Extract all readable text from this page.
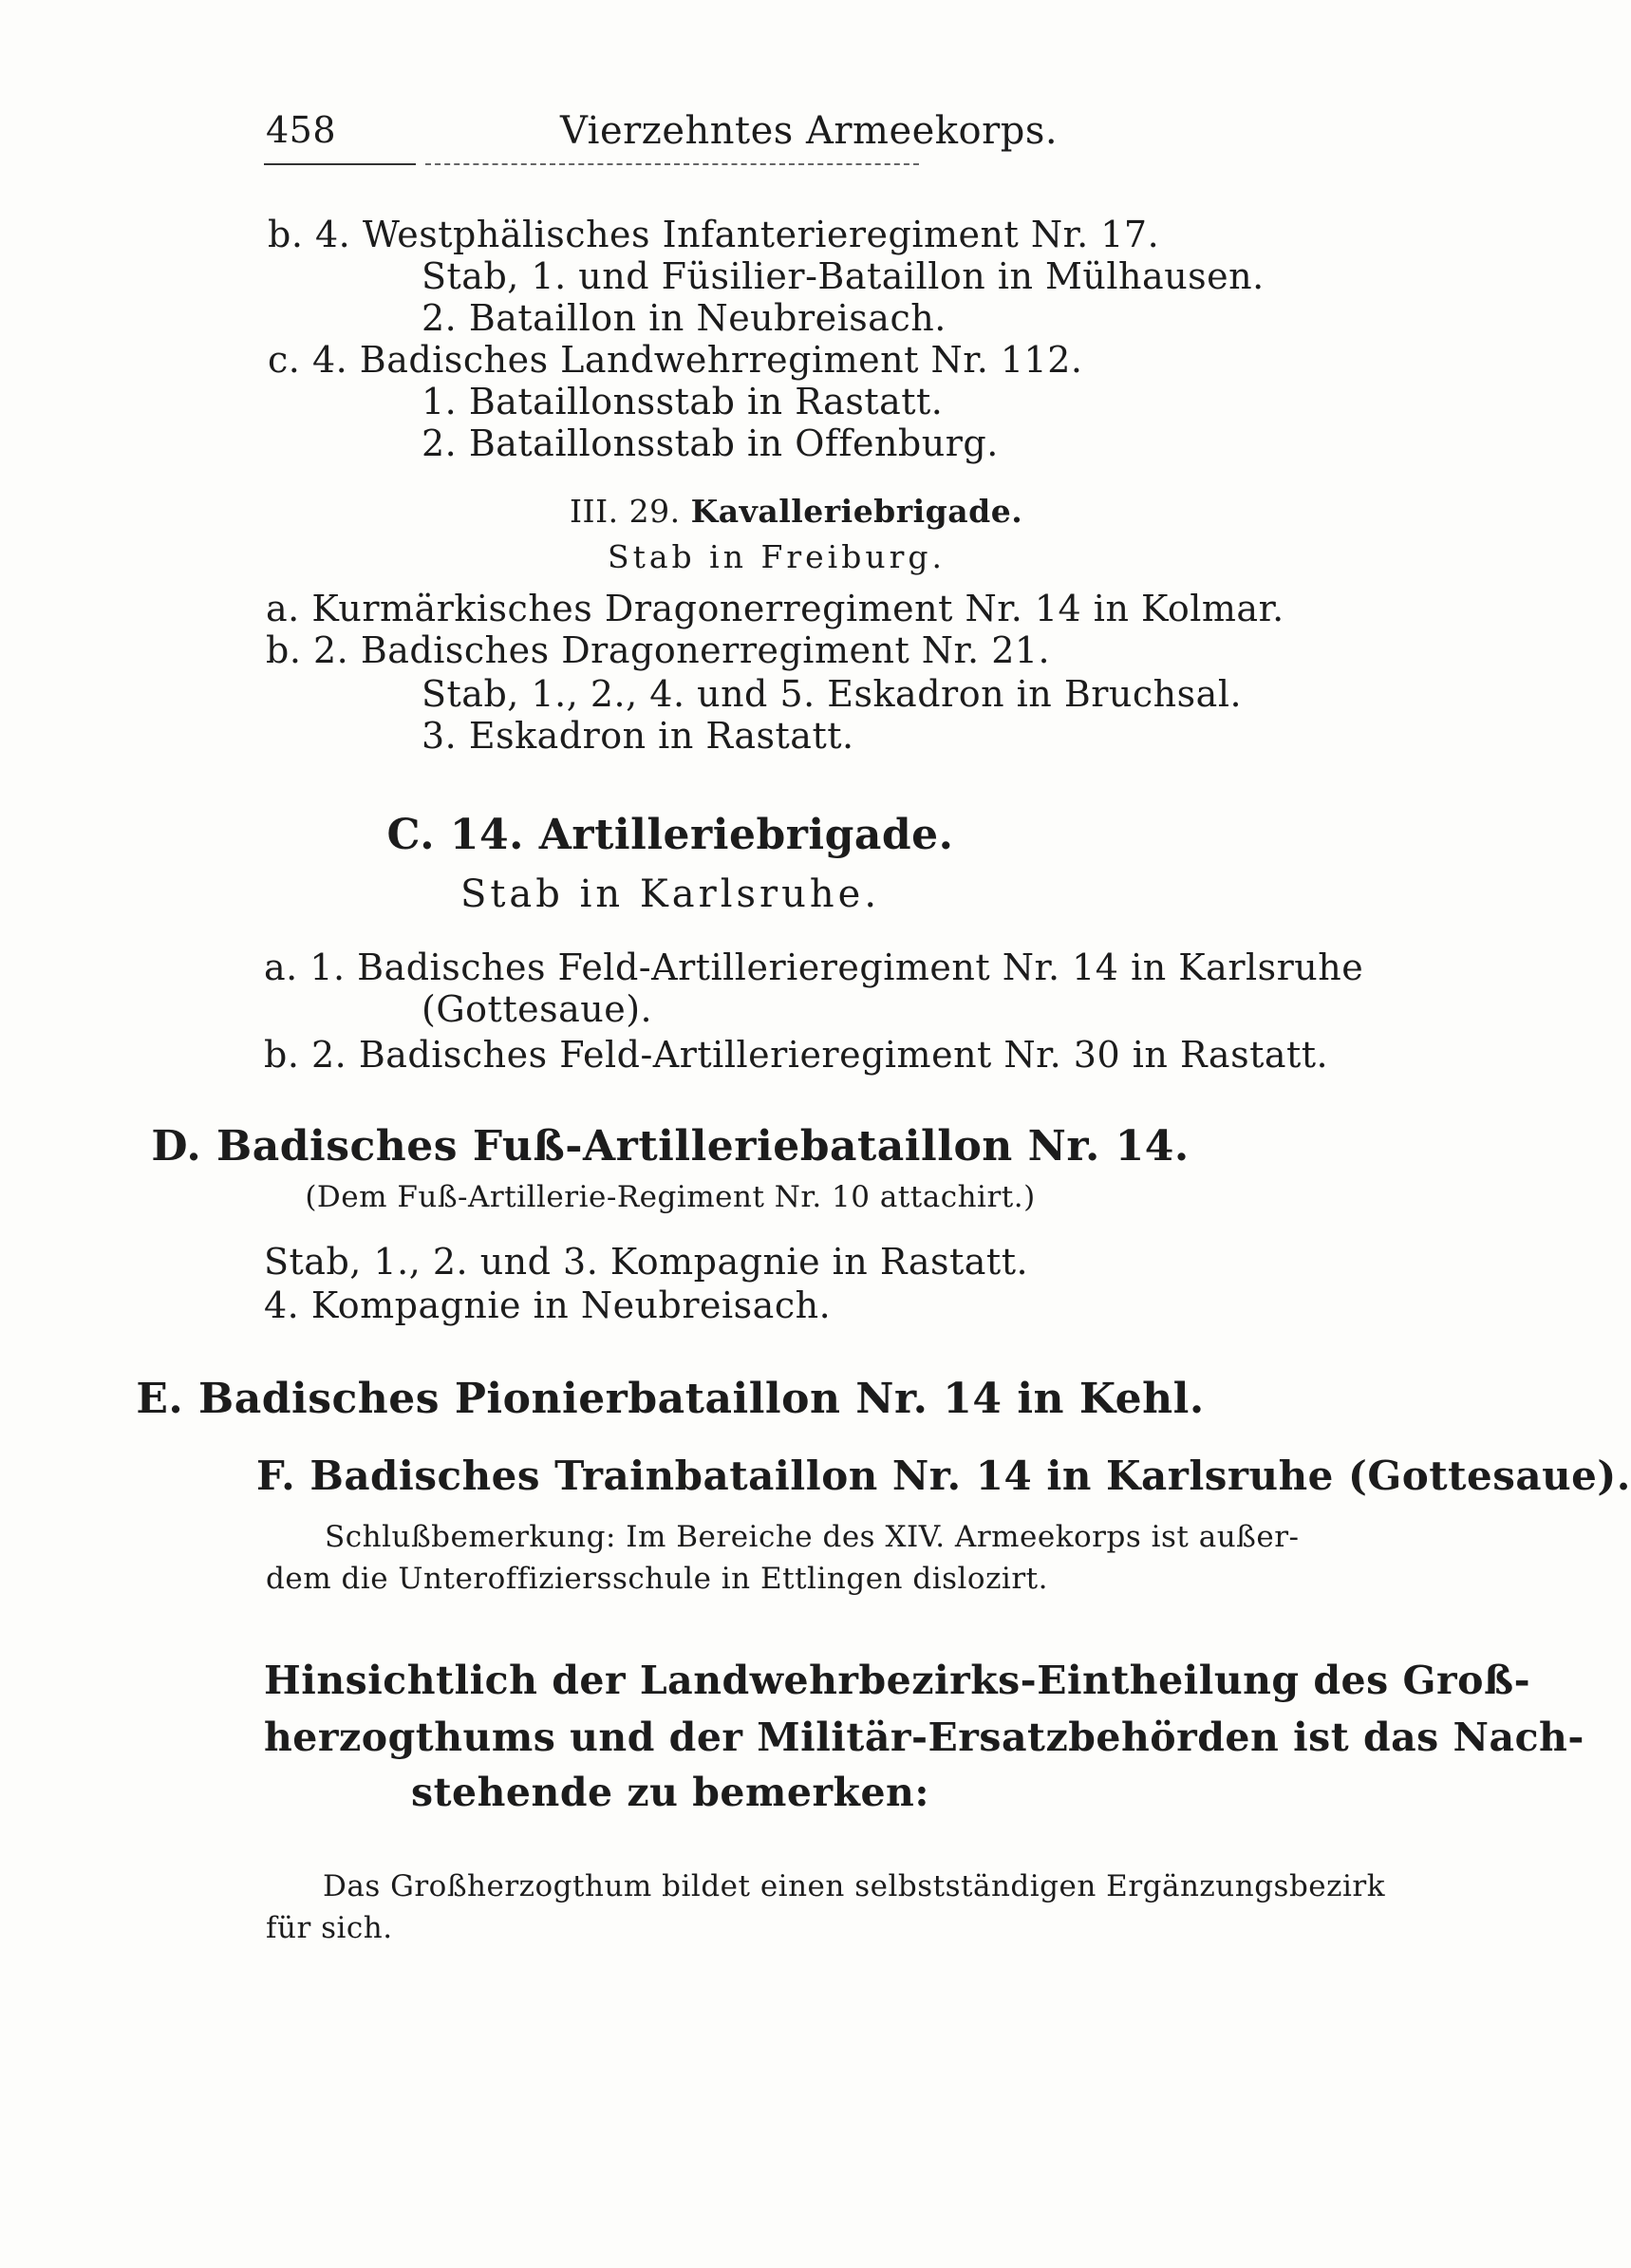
458	Vierzehntes Armeekorps.
b. 4. Westphälisches Infanterieregiment Nr. 17.
Stab, 1. und Füsilier-Bataillon in Mülhausen.
2. Bataillon in Neubreisach.
c. 4. Badisches Landwehrregiment Nr. 112.
1. Bataillonsstab in Rastatt.
2. Bataillonsstab in Offenburg.
III. 29. Kavalleriebrigade.
Stab in Freiburg.
a. Kurmärkisches Dragonerregiment Nr. 14 in Kolmar.
b. 2. Badisches Dragonerregiment Nr. 21.
Stab, 1., 2., 4. und 5. Eskadron in Bruchsal.
3. Eskadron in Rastatt.
C. 14. Artilleriebrigade.
Stab in Karlsruhe.
a. 1. Badisches Feld-Artillerieregiment Nr. 14 in Karlsruhe
(Gottesaue).
b. 2. Badisches Feld-Artillerieregiment Nr. 30 in Rastatt.
D. Badisches Fuß-Artilleriebataillon Nr. 14.
(Dem Fuß-Artillerie-Regiment Nr. 10 attachirt.)
Stab, 1., 2. und 3. Kompagnie in Rastatt.
4. Kompagnie in Neubreisach.
E. Badisches Pionierbataillon Nr. 14 in Kehl.
F. Badisches Trainbataillon Nr. 14 in Karlsruhe (Gottesaue).
Schlußbemerkung: Im Bereiche des XIV. Armeekorps ist außer-
dem die Unteroffiziersschule in Ettlingen dislozirt.
Hinsichtlich der Landwehrbezirks-Eintheilung des Groß-
herzogthums und der Militär-Ersatzbehörden ist das Nach-
stehende zu bemerken:
Das Großherzogthum bildet einen selbstständigen Ergänzungsbezirk
für sich.
